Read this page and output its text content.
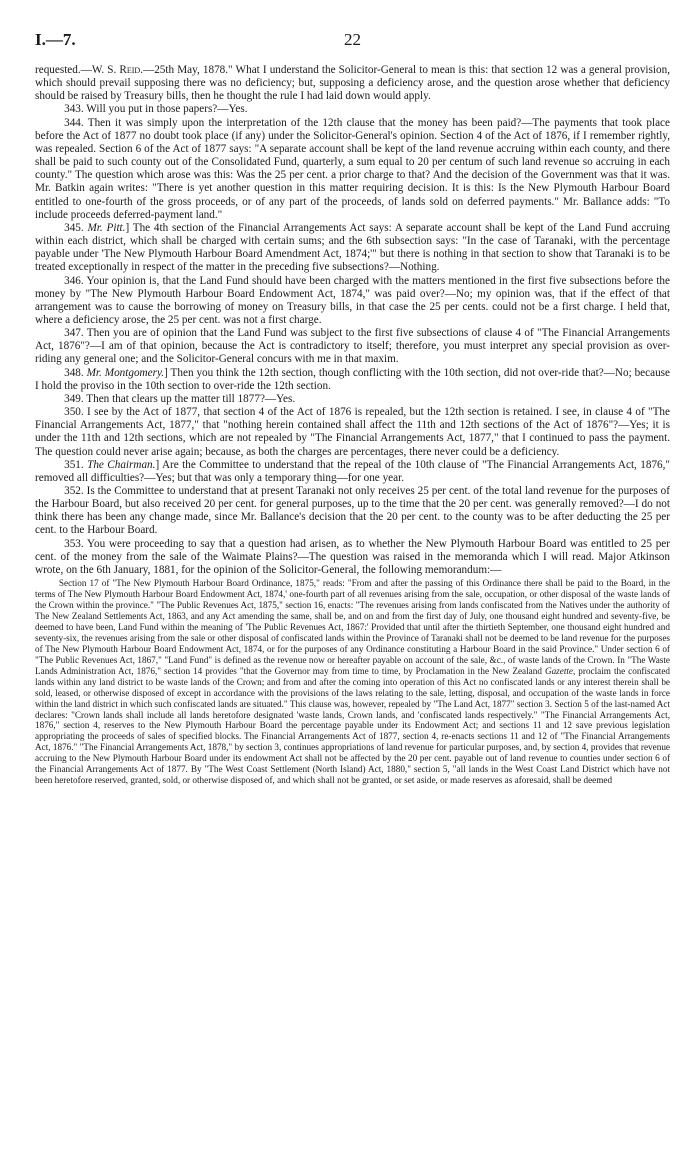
I.—7.	22

requested.—W. S. Reid.—25th May, 1878." What I understand the Solicitor-General to mean is this: that section 12 was a general provision, which should prevail supposing there was no deficiency; but, supposing a deficiency arose, and the question arose whether that deficiency should be raised by Treasury bills, then he thought the rule I had laid down would apply.

343. Will you put in those papers?—Yes.

344. Then it was simply upon the interpretation of the 12th clause that the money has been paid?—The payments that took place before the Act of 1877 no doubt took place (if any) under the Solicitor-General's opinion. Section 4 of the Act of 1876, if I remember rightly, was repealed. Section 6 of the Act of 1877 says: "A separate account shall be kept of the land revenue accruing within each county, and there shall be paid to such county out of the Consolidated Fund, quarterly, a sum equal to 20 per centum of such land revenue so accruing in each county." The question which arose was this: Was the 25 per cent. a prior charge to that? And the decision of the Government was that it was. Mr. Batkin again writes: "There is yet another question in this matter requiring decision. It is this: Is the New Plymouth Harbour Board entitled to one-fourth of the gross proceeds, or of any part of the proceeds, of lands sold on deferred payments." Mr. Ballance adds: "To include proceeds deferred-payment land."

345. Mr. Pitt.] The 4th section of the Financial Arrangements Act says: A separate account shall be kept of the Land Fund accruing within each district, which shall be charged with certain sums; and the 6th subsection says: "In the case of Taranaki, with the percentage payable under 'The New Plymouth Harbour Board Amendment Act, 1874;'" but there is nothing in that section to show that Taranaki is to be treated exceptionally in respect of the matter in the preceding five subsections?—Nothing.

346. Your opinion is, that the Land Fund should have been charged with the matters mentioned in the first five subsections before the money by "The New Plymouth Harbour Board Endowment Act, 1874," was paid over?—No; my opinion was, that if the effect of that arrangement was to cause the borrowing of money on Treasury bills, in that case the 25 per cents. could not be a first charge. I held that, where a deficiency arose, the 25 per cent. was not a first charge.

347. Then you are of opinion that the Land Fund was subject to the first five subsections of clause 4 of "The Financial Arrangements Act, 1876"?—I am of that opinion, because the Act is contradictory to itself; therefore, you must interpret any special provision as over-riding any general one; and the Solicitor-General concurs with me in that maxim.

348. Mr. Montgomery.] Then you think the 12th section, though conflicting with the 10th section, did not over-ride that?—No; because I hold the proviso in the 10th section to over-ride the 12th section.

349. Then that clears up the matter till 1877?—Yes.

350. I see by the Act of 1877, that section 4 of the Act of 1876 is repealed, but the 12th section is retained. I see, in clause 4 of "The Financial Arrangements Act, 1877," that "nothing herein contained shall affect the 11th and 12th sections of the Act of 1876"?—Yes; it is under the 11th and 12th sections, which are not repealed by "The Financial Arrangements Act, 1877," that I continued to pass the payment. The question could never arise again; because, as both the charges are percentages, there never could be a deficiency.

351. The Chairman.] Are the Committee to understand that the repeal of the 10th clause of "The Financial Arrangements Act, 1876," removed all difficulties?—Yes; but that was only a temporary thing—for one year.

352. Is the Committee to understand that at present Taranaki not only receives 25 per cent. of the total land revenue for the purposes of the Harbour Board, but also received 20 per cent. for general purposes, up to the time that the 20 per cent. was generally removed?—I do not think there has been any change made, since Mr. Ballance's decision that the 20 per cent. to the county was to be after deducting the 25 per cent. to the Harbour Board.

353. You were proceeding to say that a question had arisen, as to whether the New Plymouth Harbour Board was entitled to 25 per cent. of the money from the sale of the Waimate Plains?—The question was raised in the memoranda which I will read. Major Atkinson wrote, on the 6th January, 1881, for the opinion of the Solicitor-General, the following memorandum:—

Section 17 of "The New Plymouth Harbour Board Ordinance, 1875," reads: "From and after the passing of this Ordinance there shall be paid to the Board, in the terms of The New Plymouth Harbour Board Endowment Act, 1874,' one-fourth part of all revenues arising from the sale, occupation, or other disposal of the waste lands of the Crown within the province." "The Public Revenues Act, 1875," section 16, enacts: "The revenues arising from lands confiscated from the Natives under the authority of The New Zealand Settlements Act, 1863, and any Act amending the same, shall be, and on and from the first day of July, one thousand eight hundred and seventy-five, be deemed to have been, Land Fund within the meaning of 'The Public Revenues Act, 1867:' Provided that until after the thirtieth September, one thousand eight hundred and seventy-six, the revenues arising from the sale or other disposal of confiscated lands within the Province of Taranaki shall not be deemed to be land revenue for the purposes of The New Plymouth Harbour Board Endowment Act, 1874, or for the purposes of any Ordinance constituting a Harbour Board in the said Province." Under section 6 of "The Public Revenues Act, 1867," "Land Fund" is defined as the revenue now or hereafter payable on account of the sale, &c., of waste lands of the Crown. In "The Waste Lands Administration Act, 1876," section 14 provides "that the Governor may from time to time, by Proclamation in the New Zealand Gazette, proclaim the confiscated lands within any land district to be waste lands of the Crown; and from and after the coming into operation of this Act no confiscated lands or any interest therein shall be sold, leased, or otherwise disposed of except in accordance with the provisions of the laws relating to the sale, letting, disposal, and occupation of the waste lands in force within the land district in which such confiscated lands are situated." This clause was, however, repealed by "The Land Act, 1877" section 3. Section 5 of the last-named Act declares: "Crown lands shall include all lands heretofore designated 'waste lands, Crown lands, and 'confiscated lands respectively." "The Financial Arrangements Act, 1876," section 4, reserves to the New Plymouth Harbour Board the percentage payable under its Endowment Act; and sections 11 and 12 save previous legislation appropriating the proceeds of sales of specified blocks. The Financial Arrangements Act of 1877, section 4, re-enacts sections 11 and 12 of "The Financial Arrangements Act, 1876." "The Financial Arrangements Act, 1878," by section 3, continues appropriations of land revenue for particular purposes, and, by section 4, provides that revenue accruing to the New Plymouth Harbour Board under its endowment Act shall not be affected by the 20 per cent. payable out of land revenue to counties under section 6 of the Financial Arrangements Act of 1877. By "The West Coast Settlement (North Island) Act, 1880," section 5, "all lands in the West Coast Land District which have not been heretofore reserved, granted, sold, or otherwise disposed of, and which shall not be granted, or set aside, or made reserves as aforesaid, shall be deemed
